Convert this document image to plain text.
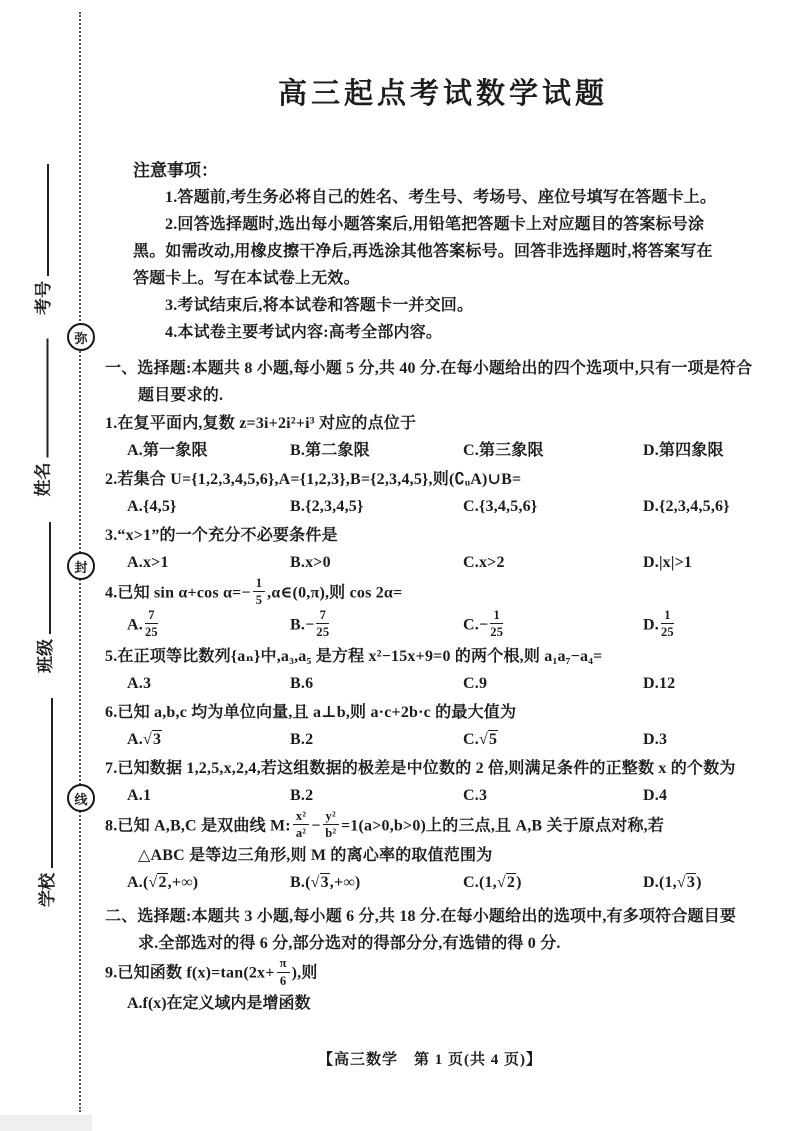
考号
姓名
班级
学校
弥
封
线
高三起点考试数学试题
注意事项：
1.答题前,考生务必将自己的姓名、考生号、考场号、座位号填写在答题卡上。
2.回答选择题时,选出每小题答案后,用铅笔把答题卡上对应题目的答案标号涂
黑。如需改动,用橡皮擦干净后,再选涂其他答案标号。回答非选择题时,将答案写在
答题卡上。写在本试卷上无效。
3.考试结束后,将本试卷和答题卡一并交回。
4.本试卷主要考试内容:高考全部内容。
一、选择题:本题共 8 小题,每小题 5 分,共 40 分.在每小题给出的四个选项中,只有一项是符合
题目要求的.
1.在复平面内,复数 z=3i+2i²+i³ 对应的点位于
A.第一象限	B.第二象限	C.第三象限	D.第四象限
2.若集合 U={1,2,3,4,5,6},A={1,2,3},B={2,3,4,5},则(∁ᵤA)∪B=
A.{4,5}	B.{2,3,4,5}	C.{3,4,5,6}	D.{2,3,4,5,6}
3.“x>1”的一个充分不必要条件是
A.x>1	B.x>0	C.x>2	D.|x|>1
4.已知 sin α+cos $\alpha=- \frac{1}{5}$ ,α∈(0,π),则 cos 2α=
A. $\frac{7}{25}$	$B.- \frac{7}{25}$	$C.- \frac{1}{25}$	D. $\frac{1}{25}$
5.在正项等比数列{aₙ}中,a₃,a₅ 是方程 x²−15x+9=0 的两个根,则 a₁a₇−a₄=
A.3	B.6	C.9	D.12
6.已知 a,b,c 均为单位向量,且 a⊥b,则 a·c+2b·c 的最大值为
A.√3	B.2	C.√5	D.3
7.已知数据 1,2,5,x,2,4,若这组数据的极差是中位数的 2 倍,则满足条件的正整数 x 的个数为
A.1	B.2	C.3	D.4
8.已知 A,B,C 是双曲线 M: $\frac{\text{x²}}{\text{a²}} - \frac{\text{y²}}{\text{b²}} =1(a>0,b>0)$上的三点,且 A,B 关于原点对称,若
△ABC 是等边三角形,则 M 的离心率的取值范围为
A.(√2,+∞)	B.(√3,+∞)	C.(1,√2)	D.(1,√3)
二、选择题:本题共 3 小题,每小题 6 分,共 18 分.在每小题给出的选项中,有多项符合题目要
求.全部选对的得 6 分,部分选对的得部分分,有选错的得 0 分.
9.已知函数 $f(x)=\tan(2x+ \frac{\pi}{6}$ ),则
A.f(x)在定义域内是增函数
【高三数学　第 1 页(共 4 页)】
